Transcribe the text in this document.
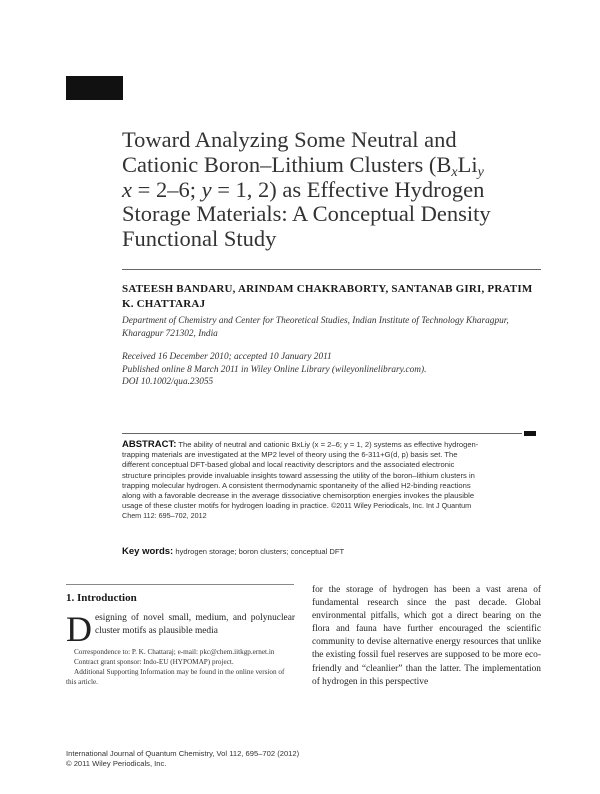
Toward Analyzing Some Neutral and
Cationic Boron–Lithium Clusters ($B_xLi_y$
x = 2–6; y = 1, 2) as Effective Hydrogen
Storage Materials: A Conceptual Density
Functional Study

SATEESH BANDARU, ARINDAM CHAKRABORTY, SANTANAB GIRI, PRATIM K. CHATTARAJ

Department of Chemistry and Center for Theoretical Studies, Indian Institute of Technology Kharagpur, Kharagpur 721302, India

Received 16 December 2010; accepted 10 January 2011
Published online 8 March 2011 in Wiley Online Library (wileyonlinelibrary.com).
DOI 10.1002/qua.23055

ABSTRACT: The ability of neutral and cationic BxLiy (x = 2–6; y = 1, 2) systems as effective hydrogen-trapping materials are investigated at the MP2 level of theory using the 6-311+G(d, p) basis set. The different conceptual DFT-based global and local reactivity descriptors and the associated electronic structure principles provide invaluable insights toward assessing the utility of the boron–lithium clusters in trapping molecular hydrogen. A consistent thermodynamic spontaneity of the allied H2-binding reactions along with a favorable decrease in the average dissociative chemisorption energies invokes the plausible usage of these cluster motifs for hydrogen loading in practice. ©2011 Wiley Periodicals, Inc. Int J Quantum Chem 112: 695–702, 2012

Key words: hydrogen storage; boron clusters; conceptual DFT

1. Introduction

Designing of novel small, medium, and polynuclear cluster motifs as plausible media

Correspondence to: P. K. Chattaraj; e-mail: pkc@chem.iitkgp.ernet.in

Contract grant sponsor: Indo-EU (HYPOMAP) project.

Additional Supporting Information may be found in the online version of this article.

for the storage of hydrogen has been a vast arena of fundamental research since the past decade. Global environmental pitfalls, which got a direct bearing on the flora and fauna have further encouraged the scientific community to devise alternative energy resources that unlike the existing fossil fuel reserves are supposed to be more eco-friendly and “cleanlier” than the latter. The implementation of hydrogen in this perspective

International Journal of Quantum Chemistry, Vol 112, 695–702 (2012)
© 2011 Wiley Periodicals, Inc.
